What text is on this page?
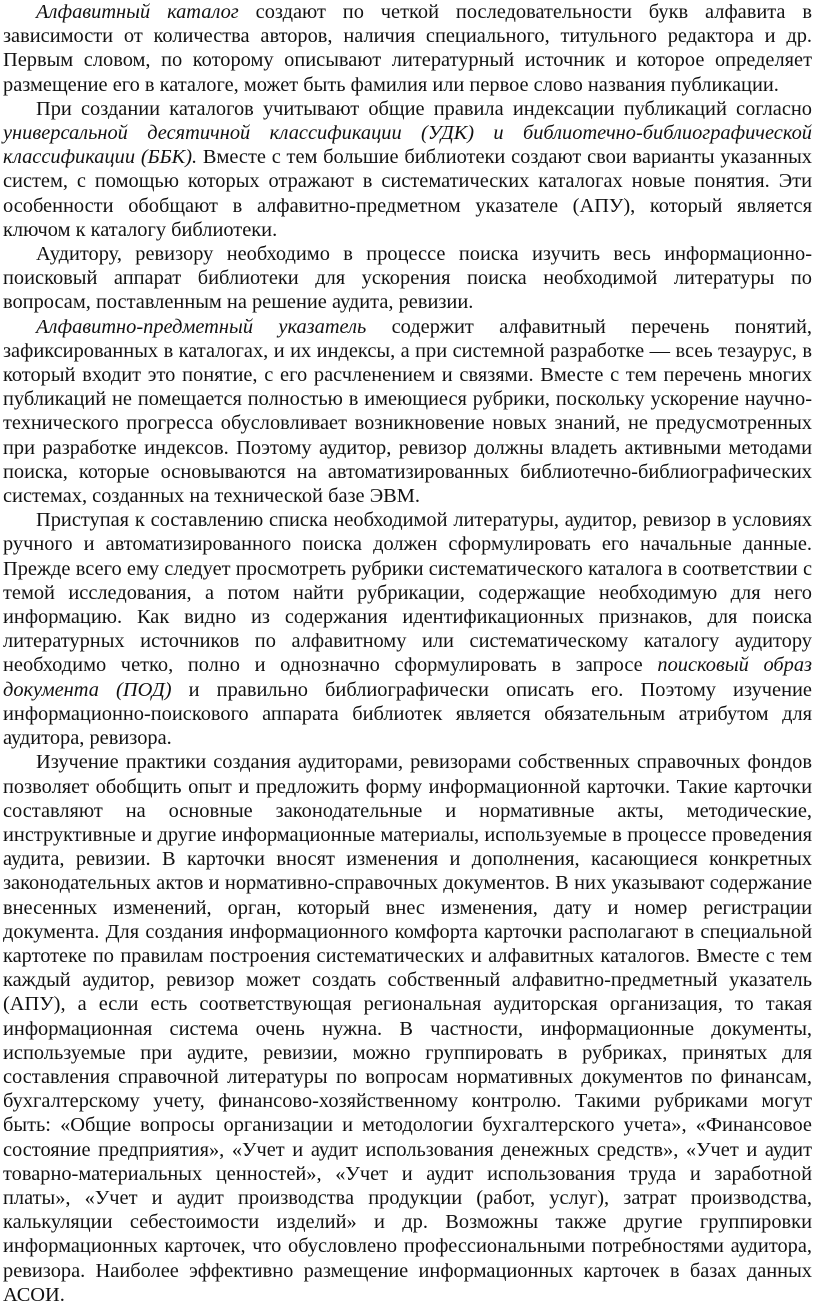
Алфавитный каталог создают по четкой последовательности букв алфавита в зависимости от количества авторов, наличия специального, титульного редактора и др. Первым словом, по которому описывают литературный источник и которое определяет размещение его в каталоге, может быть фамилия или первое слово названия публикации.

При создании каталогов учитывают общие правила индексации публикаций согласно универсальной десятичной классификации (УДК) и библиотечно-библиографической классификации (ББК). Вместе с тем большие библиотеки создают свои варианты указанных систем, с помощью которых отражают в систематических каталогах новые понятия. Эти особенности обобщают в алфавитно-предметном указателе (АПУ), который является ключом к каталогу библиотеки.

Аудитору, ревизору необходимо в процессе поиска изучить весь информационно-поисковый аппарат библиотеки для ускорения поиска необходимой литературы по вопросам, поставленным на решение аудита, ревизии.

Алфавитно-предметный указатель содержит алфавитный перечень понятий, зафиксированных в каталогах, и их индексы, а при системной разработке — всеь тезаурус, в который входит это понятие, с его расчленением и связями. Вместе с тем перечень многих публикаций не помещается полностью в имеющиеся рубрики, поскольку ускорение научно-технического прогресса обусловливает возникновение новых знаний, не предусмотренных при разработке индексов. Поэтому аудитор, ревизор должны владеть активными методами поиска, которые основываются на автоматизированных библиотечно-библиографических системах, созданных на технической базе ЭВМ.

Приступая к составлению списка необходимой литературы, аудитор, ревизор в условиях ручного и автоматизированного поиска должен сформулировать его начальные данные. Прежде всего ему следует просмотреть рубрики систематического каталога в соответствии с темой исследования, а потом найти рубрикации, содержащие необходимую для него информацию. Как видно из содержания идентификационных признаков, для поиска литературных источников по алфавитному или систематическому каталогу аудитору необходимо четко, полно и однозначно сформулировать в запросе поисковый образ документа (ПОД) и правильно библиографически описать его. Поэтому изучение информационно-поискового аппарата библиотек является обязательным атрибутом для аудитора, ревизора.

Изучение практики создания аудиторами, ревизорами собственных справочных фондов позволяет обобщить опыт и предложить форму информационной карточки. Такие карточки составляют на основные законодательные и нормативные акты, методические, инструктивные и другие информационные материалы, используемые в процессе проведения аудита, ревизии. В карточки вносят изменения и дополнения, касающиеся конкретных законодательных актов и нормативно-справочных документов. В них указывают содержание внесенных изменений, орган, который внес изменения, дату и номер регистрации документа. Для создания информационного комфорта карточки располагают в специальной картотеке по правилам построения систематических и алфавитных каталогов. Вместе с тем каждый аудитор, ревизор может создать собственный алфавитно-предметный указатель (АПУ), а если есть соответствующая региональная аудиторская организация, то такая информационная система очень нужна. В частности, информационные документы, используемые при аудите, ревизии, можно группировать в рубриках, принятых для составления справочной литературы по вопросам нормативных документов по финансам, бухгалтерскому учету, финансово-хозяйственному контролю. Такими рубриками могут быть: «Общие вопросы организации и методологии бухгалтерского учета», «Финансовое состояние предприятия», «Учет и аудит использования денежных средств», «Учет и аудит товарно-материальных ценностей», «Учет и аудит использования труда и заработной платы», «Учет и аудит производства продукции (работ, услуг), затрат производства, калькуляции себестоимости изделий» и др. Возможны также другие группировки информационных карточек, что обусловлено профессиональными потребностями аудитора, ревизора. Наиболее эффективно размещение информационных карточек в базах данных АСОИ.
